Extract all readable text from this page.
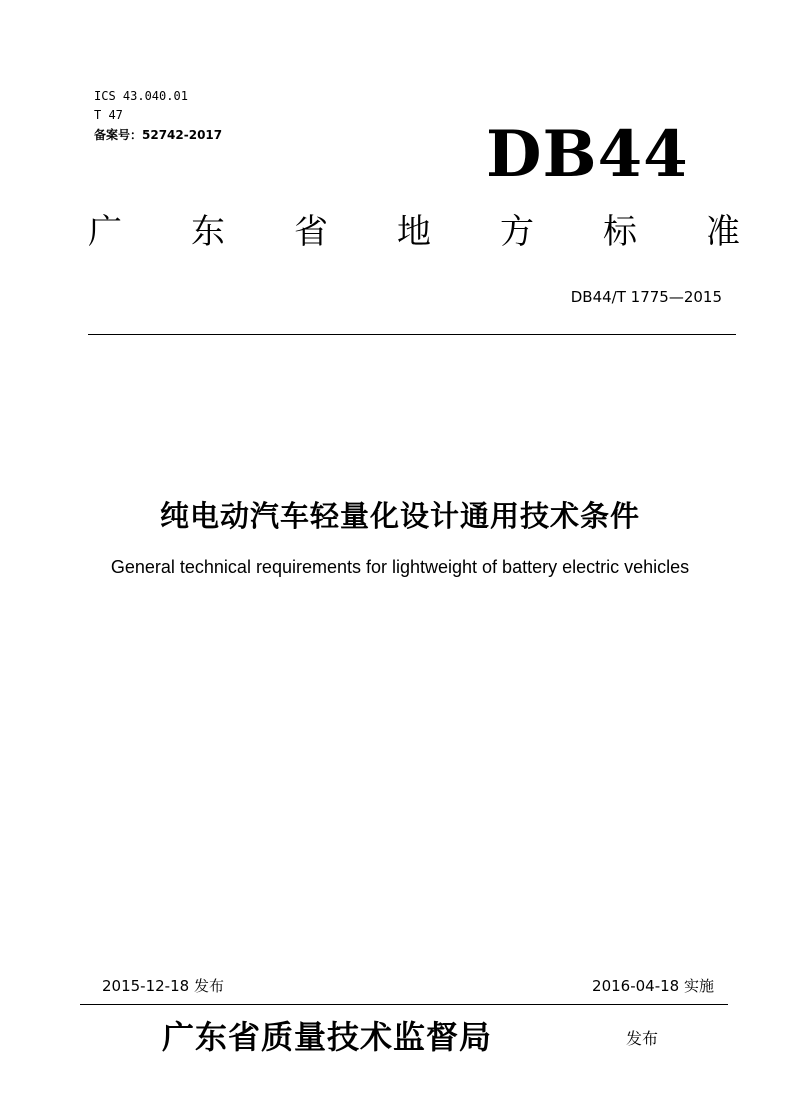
ICS 43.040.01
T 47
备案号：52742-2017	DB44
广 东 省 地 方 标 准
DB44/T 1775—2015
纯电动汽车轻量化设计通用技术条件
General technical requirements for lightweight of battery electric vehicles
2015-12-18 发布	2016-04-18 实施
广东省质量技术监督局	发布
